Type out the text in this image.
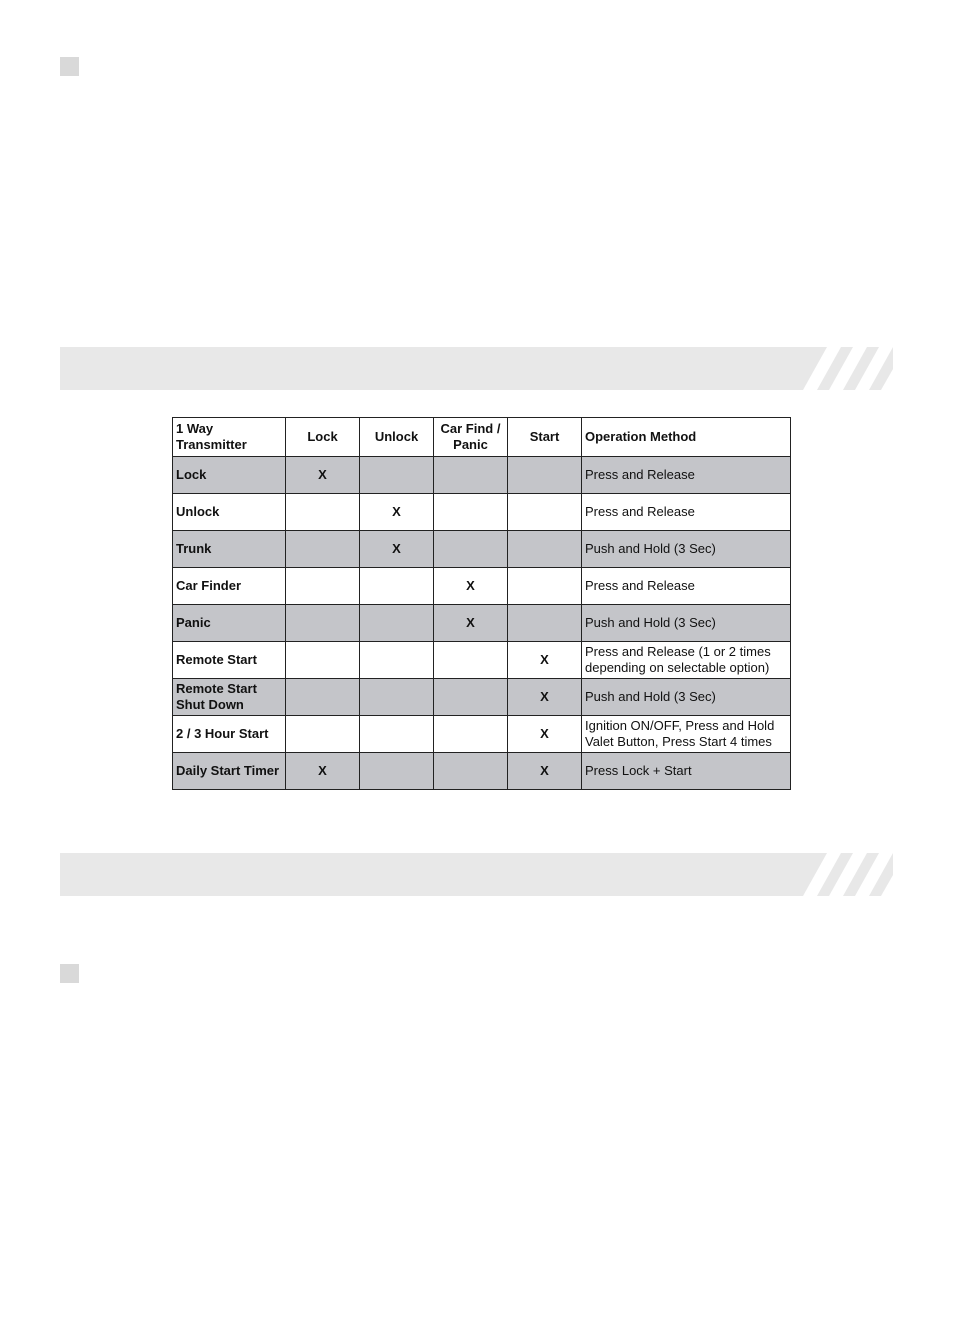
1 Way Transmitter	Lock	Unlock	Car Find / Panic	Start	Operation Method
Lock	X				Press and Release
Unlock		X			Press and Release
Trunk		X			Push and Hold (3 Sec)
Car Finder			X		Press and Release
Panic			X		Push and Hold (3 Sec)
Remote Start				X	Press and Release (1 or 2 times depending on selectable option)
Remote Start Shut Down				X	Push and Hold (3 Sec)
2 / 3 Hour Start				X	Ignition ON/OFF, Press and Hold Valet Button, Press Start 4 times
Daily Start Timer	X			X	Press Lock + Start
